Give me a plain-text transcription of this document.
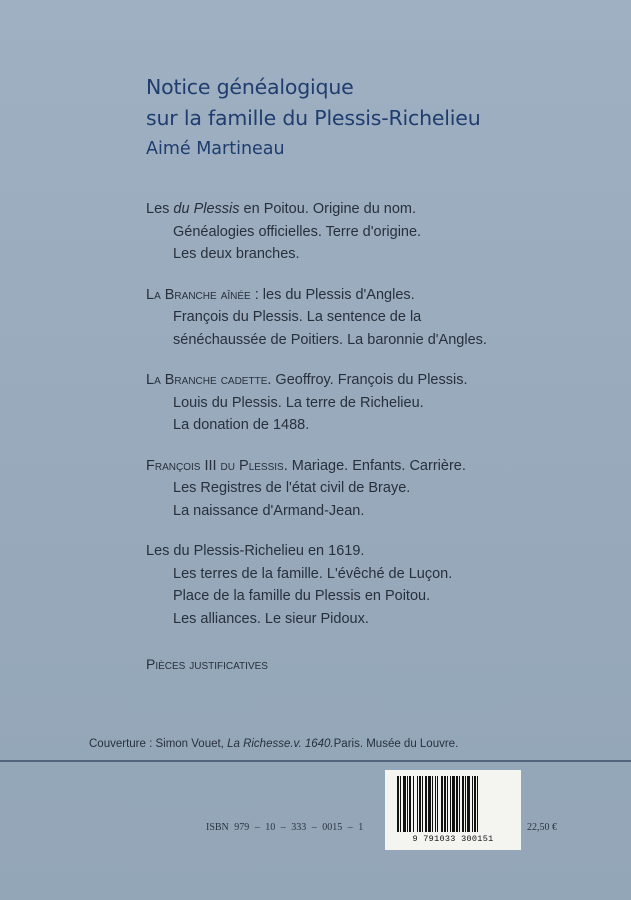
Notice généalogique
sur la famille du Plessis-Richelieu
Aimé Martineau
Les du Plessis en Poitou. Origine du nom.
Généalogies officielles. Terre d'origine.
Les deux branches.
La Branche aînée : les du Plessis d'Angles.
François du Plessis. La sentence de la
sénéchaussée de Poitiers. La baronnie d'Angles.
La Branche cadette. Geoffroy. François du Plessis.
Louis du Plessis. La terre de Richelieu.
La donation de 1488.
François III du Plessis. Mariage. Enfants. Carrière.
Les Registres de l'état civil de Braye.
La naissance d'Armand-Jean.
Les du Plessis-Richelieu en 1619.
Les terres de la famille. L'évêché de Luçon.
Place de la famille du Plessis en Poitou.
Les alliances. Le sieur Pidoux.
Pièces justificatives
Couverture : Simon Vouet, La Richesse.v. 1640.Paris. Musée du Louvre.
ISBN 979 – 10 – 333 – 0015 – 1
9 791033 300151
22,50 €
